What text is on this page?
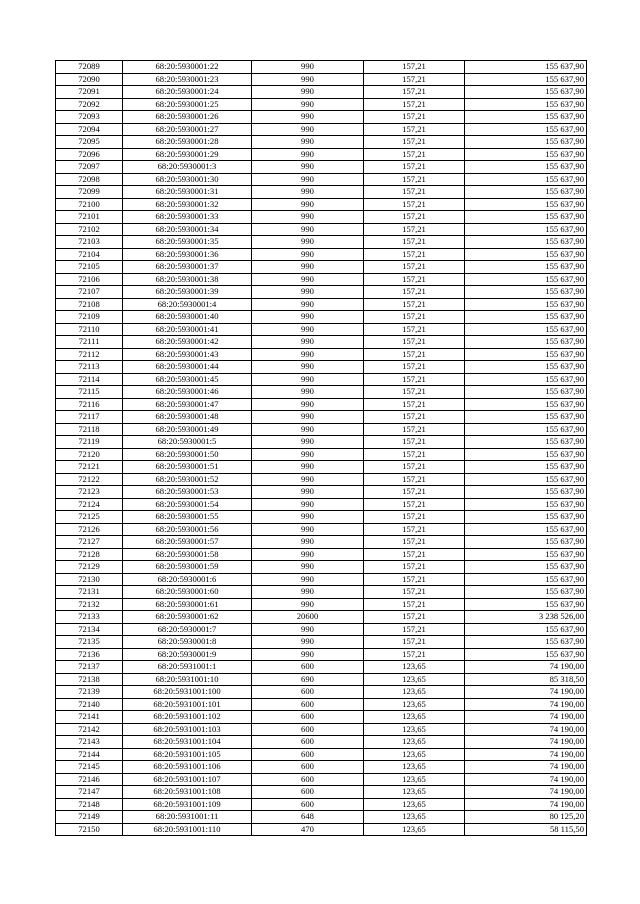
72089	68:20:5930001:22	990	157,21	155 637,90
72090	68:20:5930001:23	990	157,21	155 637,90
72091	68:20:5930001:24	990	157,21	155 637,90
72092	68:20:5930001:25	990	157,21	155 637,90
72093	68:20:5930001:26	990	157,21	155 637,90
72094	68:20:5930001:27	990	157,21	155 637,90
72095	68:20:5930001:28	990	157,21	155 637,90
72096	68:20:5930001:29	990	157,21	155 637,90
72097	68:20:5930001:3	990	157,21	155 637,90
72098	68:20:5930001:30	990	157,21	155 637,90
72099	68:20:5930001:31	990	157,21	155 637,90
72100	68:20:5930001:32	990	157,21	155 637,90
72101	68:20:5930001:33	990	157,21	155 637,90
72102	68:20:5930001:34	990	157,21	155 637,90
72103	68:20:5930001:35	990	157,21	155 637,90
72104	68:20:5930001:36	990	157,21	155 637,90
72105	68:20:5930001:37	990	157,21	155 637,90
72106	68:20:5930001:38	990	157,21	155 637,90
72107	68:20:5930001:39	990	157,21	155 637,90
72108	68:20:5930001:4	990	157,21	155 637,90
72109	68:20:5930001:40	990	157,21	155 637,90
72110	68:20:5930001:41	990	157,21	155 637,90
72111	68:20:5930001:42	990	157,21	155 637,90
72112	68:20:5930001:43	990	157,21	155 637,90
72113	68:20:5930001:44	990	157,21	155 637,90
72114	68:20:5930001:45	990	157,21	155 637,90
72115	68:20:5930001:46	990	157,21	155 637,90
72116	68:20:5930001:47	990	157,21	155 637,90
72117	68:20:5930001:48	990	157,21	155 637,90
72118	68:20:5930001:49	990	157,21	155 637,90
72119	68:20:5930001:5	990	157,21	155 637,90
72120	68:20:5930001:50	990	157,21	155 637,90
72121	68:20:5930001:51	990	157,21	155 637,90
72122	68:20:5930001:52	990	157,21	155 637,90
72123	68:20:5930001:53	990	157,21	155 637,90
72124	68:20:5930001:54	990	157,21	155 637,90
72125	68:20:5930001:55	990	157,21	155 637,90
72126	68:20:5930001:56	990	157,21	155 637,90
72127	68:20:5930001:57	990	157,21	155 637,90
72128	68:20:5930001:58	990	157,21	155 637,90
72129	68:20:5930001:59	990	157,21	155 637,90
72130	68:20:5930001:6	990	157,21	155 637,90
72131	68:20:5930001:60	990	157,21	155 637,90
72132	68:20:5930001:61	990	157,21	155 637,90
72133	68:20:5930001:62	20600	157,21	3 238 526,00
72134	68:20:5930001:7	990	157,21	155 637,90
72135	68:20:5930001:8	990	157,21	155 637,90
72136	68:20:5930001:9	990	157,21	155 637,90
72137	68:20:5931001:1	600	123,65	74 190,00
72138	68:20:5931001:10	690	123,65	85 318,50
72139	68:20:5931001:100	600	123,65	74 190,00
72140	68:20:5931001:101	600	123,65	74 190,00
72141	68:20:5931001:102	600	123,65	74 190,00
72142	68:20:5931001:103	600	123,65	74 190,00
72143	68:20:5931001:104	600	123,65	74 190,00
72144	68:20:5931001:105	600	123,65	74 190,00
72145	68:20:5931001:106	600	123,65	74 190,00
72146	68:20:5931001:107	600	123,65	74 190,00
72147	68:20:5931001:108	600	123,65	74 190,00
72148	68:20:5931001:109	600	123,65	74 190,00
72149	68:20:5931001:11	648	123,65	80 125,20
72150	68:20:5931001:110	470	123,65	58 115,50
